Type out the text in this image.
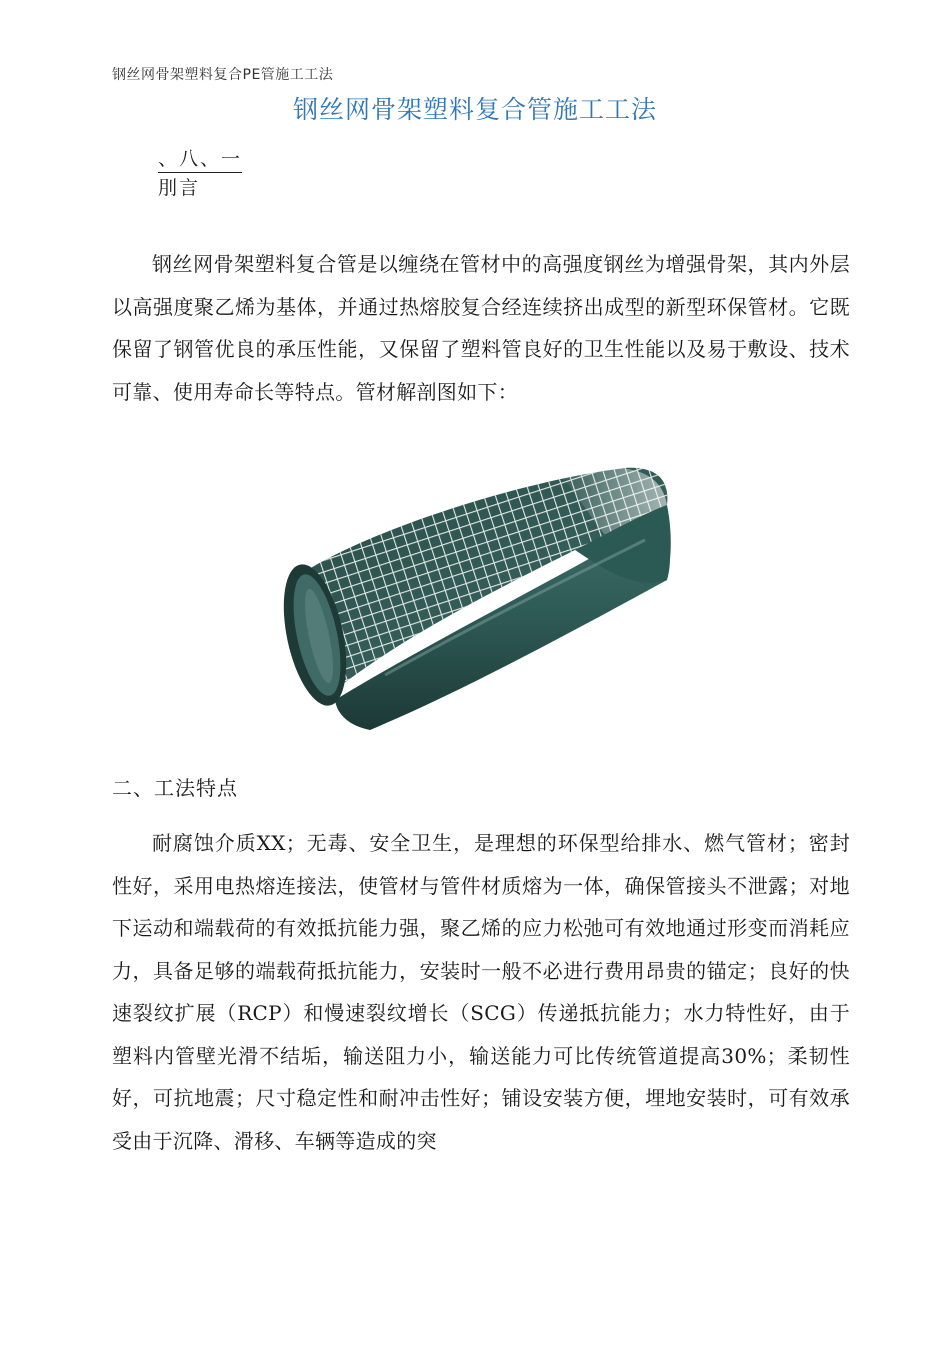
钢丝网骨架塑料复合PE管施工工法
钢丝网骨架塑料复合管施工工法
、八、一
刖言

钢丝网骨架塑料复合管是以缠绕在管材中的高强度钢丝为增强骨架，其内外层以高强度聚乙烯为基体，并通过热熔胶复合经连续挤出成型的新型环保管材。它既保留了钢管优良的承压性能，又保留了塑料管良好的卫生性能以及易于敷设、技术可靠、使用寿命长等特点。管材解剖图如下：

二、工法特点

耐腐蚀介质XX；无毒、安全卫生，是理想的环保型给排水、燃气管材；密封性好，采用电热熔连接法，使管材与管件材质熔为一体，确保管接头不泄露；对地下运动和端载荷的有效抵抗能力强，聚乙烯的应力松弛可有效地通过形变而消耗应力，具备足够的端载荷抵抗能力，安装时一般不必进行费用昂贵的锚定；良好的快速裂纹扩展（RCP）和慢速裂纹增长（SCG）传递抵抗能力；水力特性好，由于塑料内管壁光滑不结垢，输送阻力小，输送能力可比传统管道提高30%；柔韧性好，可抗地震；尺寸稳定性和耐冲击性好；铺设安装方便，埋地安装时，可有效承受由于沉降、滑移、车辆等造成的突
